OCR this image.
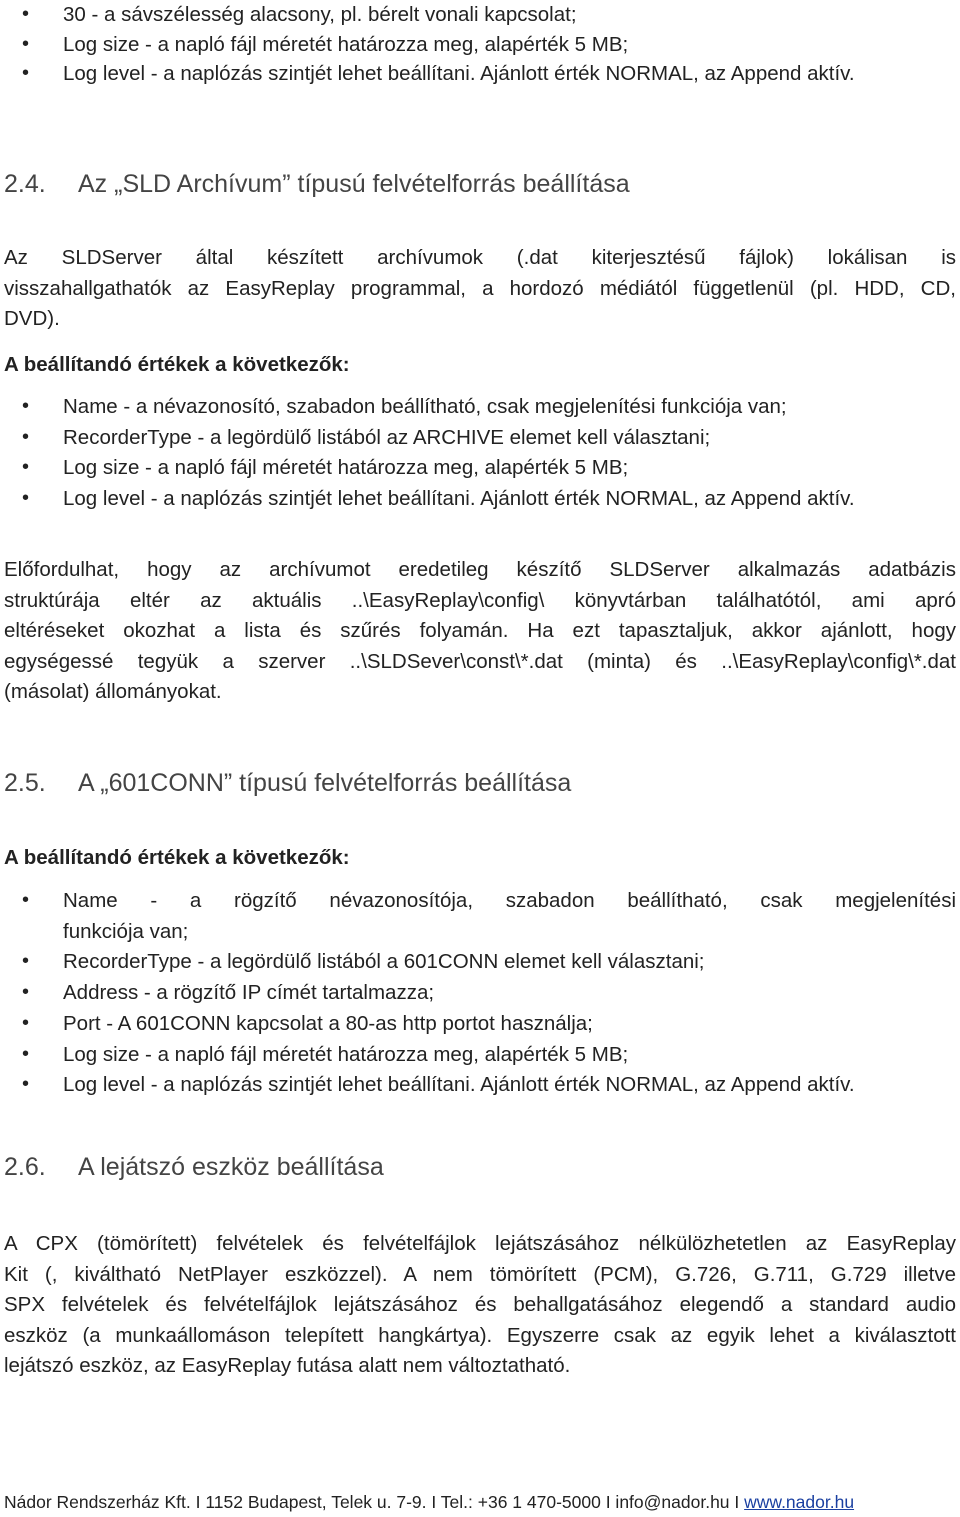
• 30 - a sávszélesség alacsony, pl. bérelt vonali kapcsolat;
• Log size - a napló fájl méretét határozza meg, alapérték 5 MB;
• Log level - a naplózás szintjét lehet beállítani. Ajánlott érték NORMAL, az Append aktív.
2.4. Az „SLD Archívum” típusú felvételforrás beállítása
Az SLDServer által készített archívumok (.dat kiterjesztésű fájlok) lokálisan is
visszahallgathatók az EasyReplay programmal, a hordozó médiától függetlenül (pl. HDD, CD,
DVD).
A beállítandó értékek a következők:
• Name - a névazonosító, szabadon beállítható, csak megjelenítési funkciója van;
• RecorderType - a legördülő listából az ARCHIVE elemet kell választani;
• Log size - a napló fájl méretét határozza meg, alapérték 5 MB;
• Log level - a naplózás szintjét lehet beállítani. Ajánlott érték NORMAL, az Append aktív.
Előfordulhat, hogy az archívumot eredetileg készítő SLDServer alkalmazás adatbázis
struktúrája eltér az aktuális ..\EasyReplay\config\ könyvtárban találhatótól, ami apró
eltéréseket okozhat a lista és szűrés folyamán. Ha ezt tapasztaljuk, akkor ajánlott, hogy
egységessé tegyük a szerver ..\SLDSever\const\*.dat (minta) és ..\EasyReplay\config\*.dat
(másolat) állományokat.
2.5. A „601CONN” típusú felvételforrás beállítása
A beállítandó értékek a következők:
• Name - a rögzítő névazonosítója, szabadon beállítható, csak megjelenítési
funkciója van;
• RecorderType - a legördülő listából a 601CONN elemet kell választani;
• Address - a rögzítő IP címét tartalmazza;
• Port - A 601CONN kapcsolat a 80-as http portot használja;
• Log size - a napló fájl méretét határozza meg, alapérték 5 MB;
• Log level - a naplózás szintjét lehet beállítani. Ajánlott érték NORMAL, az Append aktív.
2.6. A lejátszó eszköz beállítása
A CPX (tömörített) felvételek és felvételfájlok lejátszásához nélkülözhetetlen az EasyReplay
Kit (, kiváltható NetPlayer eszközzel). A nem tömörített (PCM), G.726, G.711, G.729 illetve
SPX felvételek és felvételfájlok lejátszásához és behallgatásához elegendő a standard audio
eszköz (a munkaállomáson telepített hangkártya). Egyszerre csak az egyik lehet a kiválasztott
lejátszó eszköz, az EasyReplay futása alatt nem változtatható.
Nádor Rendszerház Kft. I 1152 Budapest, Telek u. 7-9. I Tel.: +36 1 470-5000 I info@nador.hu I www.nador.hu
